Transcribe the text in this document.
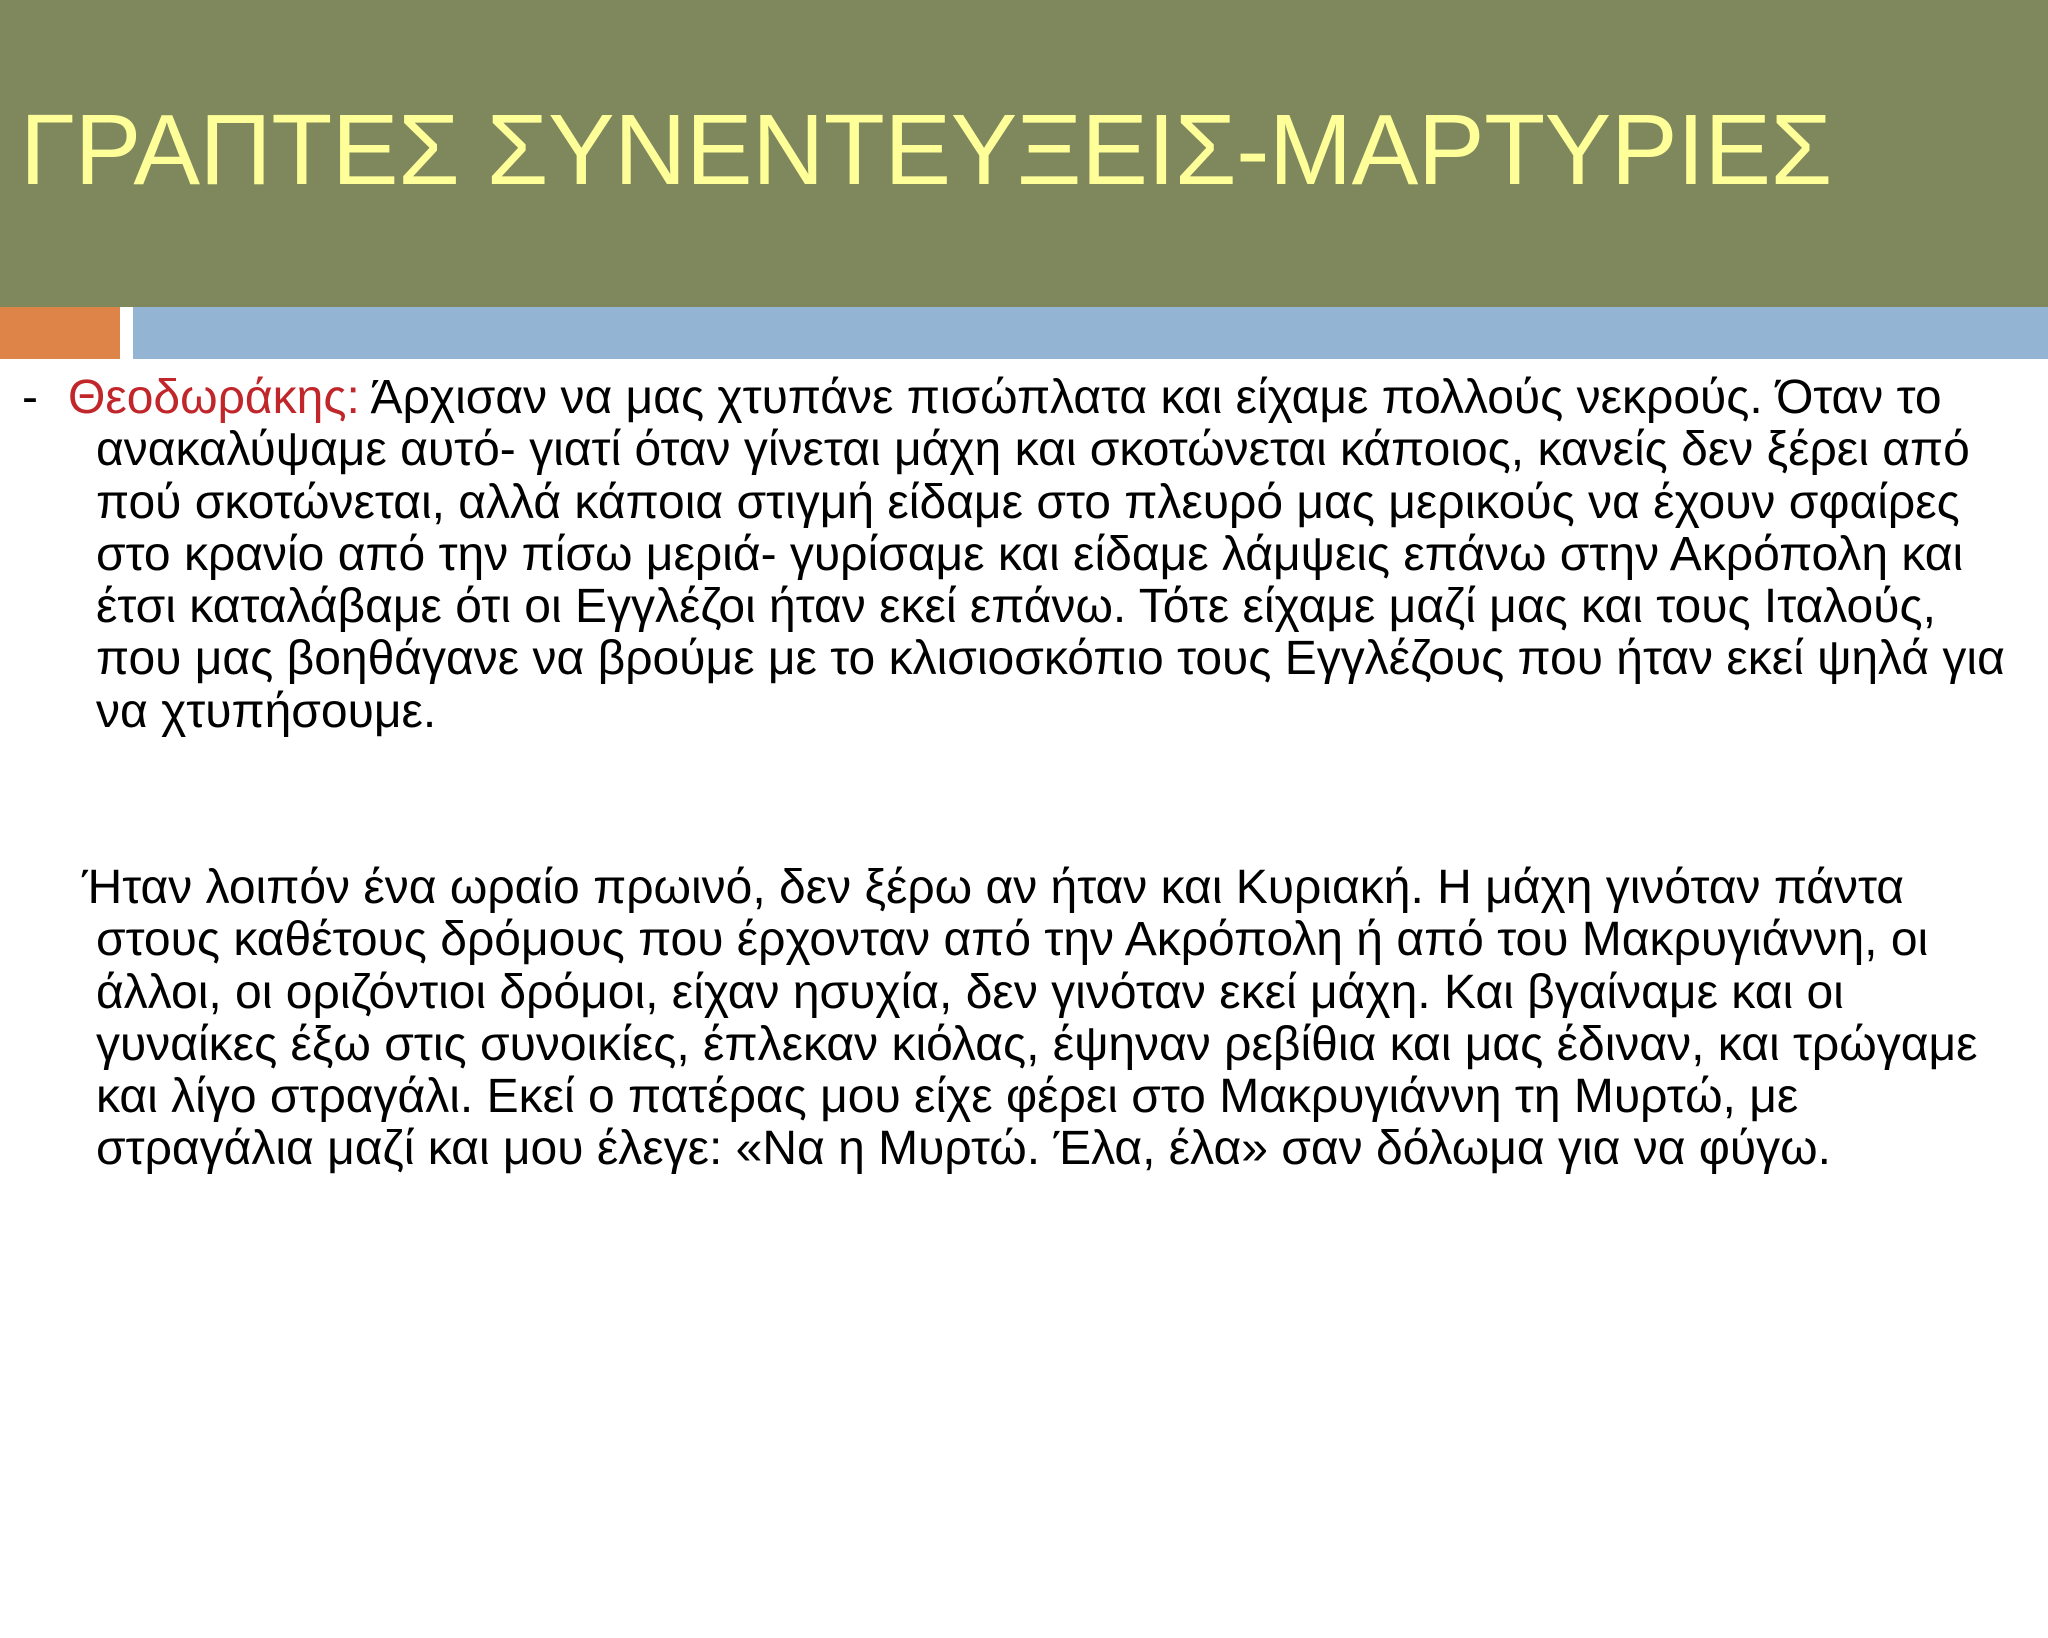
ΓΡΑΠΤΕΣ ΣΥΝΕΝΤΕΥΞΕΙΣ-ΜΑΡΤΥΡΙΕΣ
- Θεοδωράκης: Άρχισαν να μας χτυπάνε πισώπλατα και είχαμε πολλούς νεκρούς. Όταν το ανακαλύψαμε αυτό- γιατί όταν γίνεται μάχη και σκοτώνεται κάποιος, κανείς δεν ξέρει από πού σκοτώνεται, αλλά κάποια στιγμή είδαμε στο πλευρό μας μερικούς να έχουν σφαίρες στο κρανίο από την πίσω μεριά- γυρίσαμε και είδαμε λάμψεις επάνω στην Ακρόπολη και έτσι καταλάβαμε ότι οι Εγγλέζοι ήταν εκεί επάνω. Τότε είχαμε μαζί μας και τους Ιταλούς, που μας βοηθάγανε να βρούμε με το κλισιοσκόπιο τους Εγγλέζους που ήταν εκεί ψηλά για να χτυπήσουμε.

Ήταν λοιπόν ένα ωραίο πρωινό, δεν ξέρω αν ήταν και Κυριακή. Η μάχη γινόταν πάντα στους καθέτους δρόμους που έρχονταν από την Ακρόπολη ή από του Μακρυγιάννη, οι άλλοι, οι οριζόντιοι δρόμοι, είχαν ησυχία, δεν γινόταν εκεί μάχη. Και βγαίναμε και οι γυναίκες έξω στις συνοικίες, έπλεκαν κιόλας, έψηναν ρεβίθια και μας έδιναν, και τρώγαμε και λίγο στραγάλι. Εκεί ο πατέρας μου είχε φέρει στο Μακρυγιάννη τη Μυρτώ, με στραγάλια μαζί και μου έλεγε: «Να η Μυρτώ. Έλα, έλα» σαν δόλωμα για να φύγω.
